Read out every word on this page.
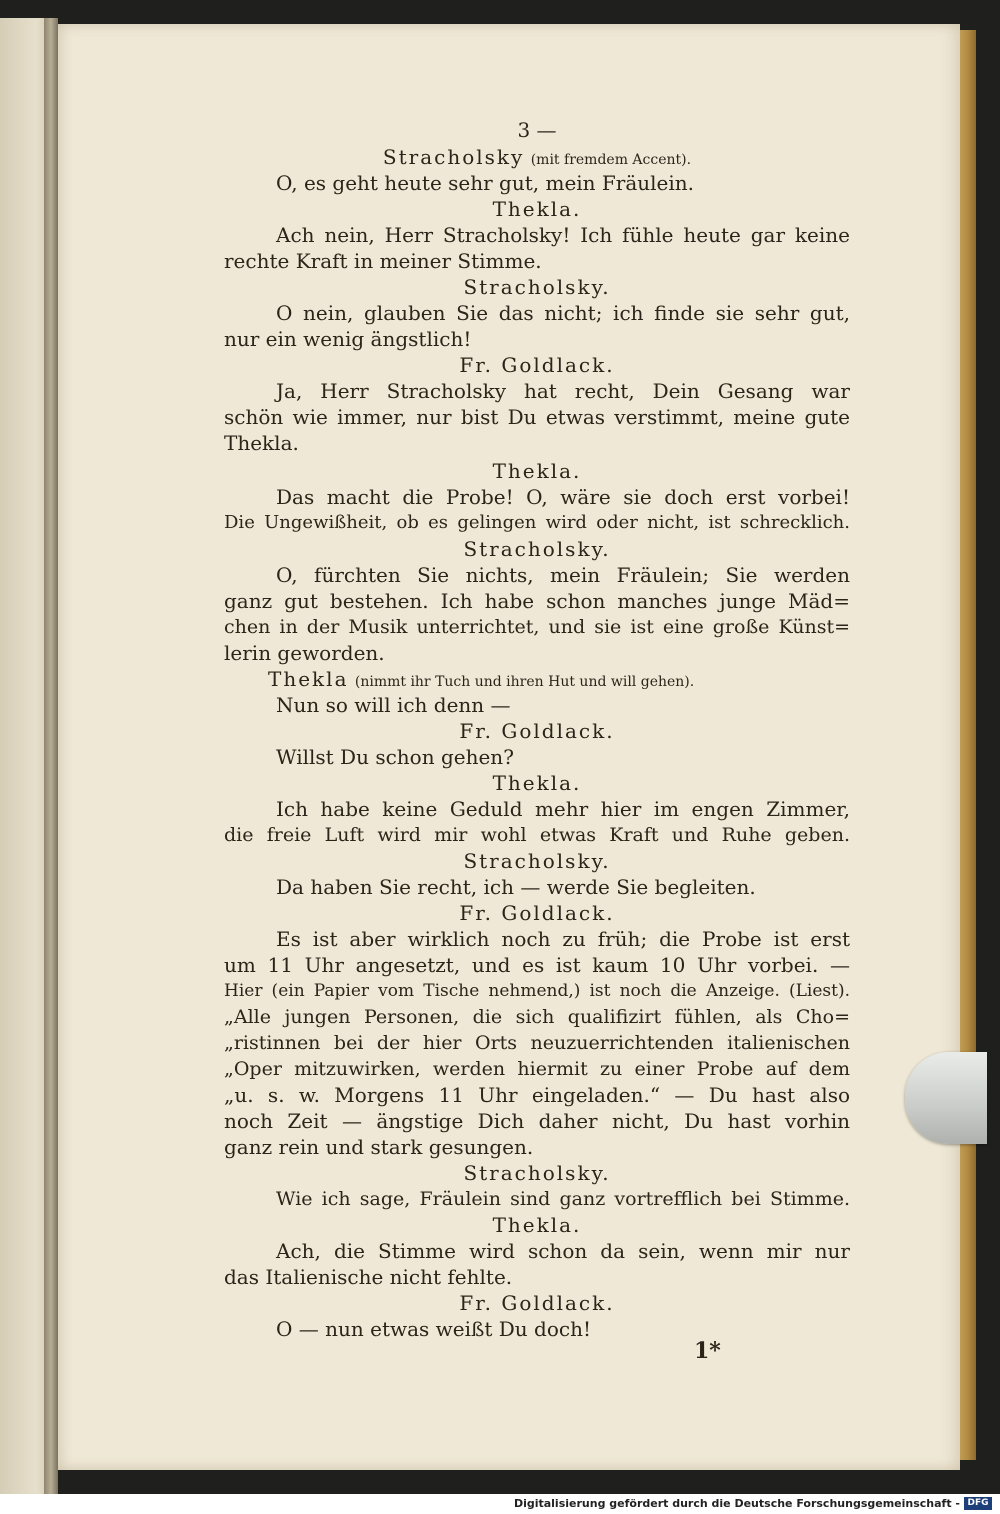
3 —
Stracholsky (mit fremdem Accent).
O, es geht heute sehr gut, mein Fräulein.
Thekla.
Ach nein, Herr Stracholsky! Ich fühle heute gar keine
rechte Kraft in meiner Stimme.
Stracholsky.
O nein, glauben Sie das nicht; ich finde sie sehr gut,
nur ein wenig ängstlich!
Fr. Goldlack.
Ja, Herr Stracholsky hat recht, Dein Gesang war
schön wie immer, nur bist Du etwas verstimmt, meine gute
Thekla.
Thekla.
Das macht die Probe! O, wäre sie doch erst vorbei!
Die Ungewißheit, ob es gelingen wird oder nicht, ist schrecklich.
Stracholsky.
O, fürchten Sie nichts, mein Fräulein; Sie werden
ganz gut bestehen. Ich habe schon manches junge Mäd=
chen in der Musik unterrichtet, und sie ist eine große Künst=
lerin geworden.
Thekla (nimmt ihr Tuch und ihren Hut und will gehen).
Nun so will ich denn —
Fr. Goldlack.
Willst Du schon gehen?
Thekla.
Ich habe keine Geduld mehr hier im engen Zimmer,
die freie Luft wird mir wohl etwas Kraft und Ruhe geben.
Stracholsky.
Da haben Sie recht, ich — werde Sie begleiten.
Fr. Goldlack.
Es ist aber wirklich noch zu früh; die Probe ist erst
um 11 Uhr angesetzt, und es ist kaum 10 Uhr vorbei. —
Hier (ein Papier vom Tische nehmend,) ist noch die Anzeige. (Liest).
„Alle jungen Personen, die sich qualifizirt fühlen, als Cho=
„ristinnen bei der hier Orts neuzuerrichtenden italienischen
„Oper mitzuwirken, werden hiermit zu einer Probe auf dem
„u. s. w. Morgens 11 Uhr eingeladen.“ — Du hast also
noch Zeit — ängstige Dich daher nicht, Du hast vorhin
ganz rein und stark gesungen.
Stracholsky.
Wie ich sage, Fräulein sind ganz vortrefflich bei Stimme.
Thekla.
Ach, die Stimme wird schon da sein, wenn mir nur
das Italienische nicht fehlte.
Fr. Goldlack.
O — nun etwas weißt Du doch!
1*
Digitalisierung gefördert durch die Deutsche Forschungsgemeinschaft - DFG
